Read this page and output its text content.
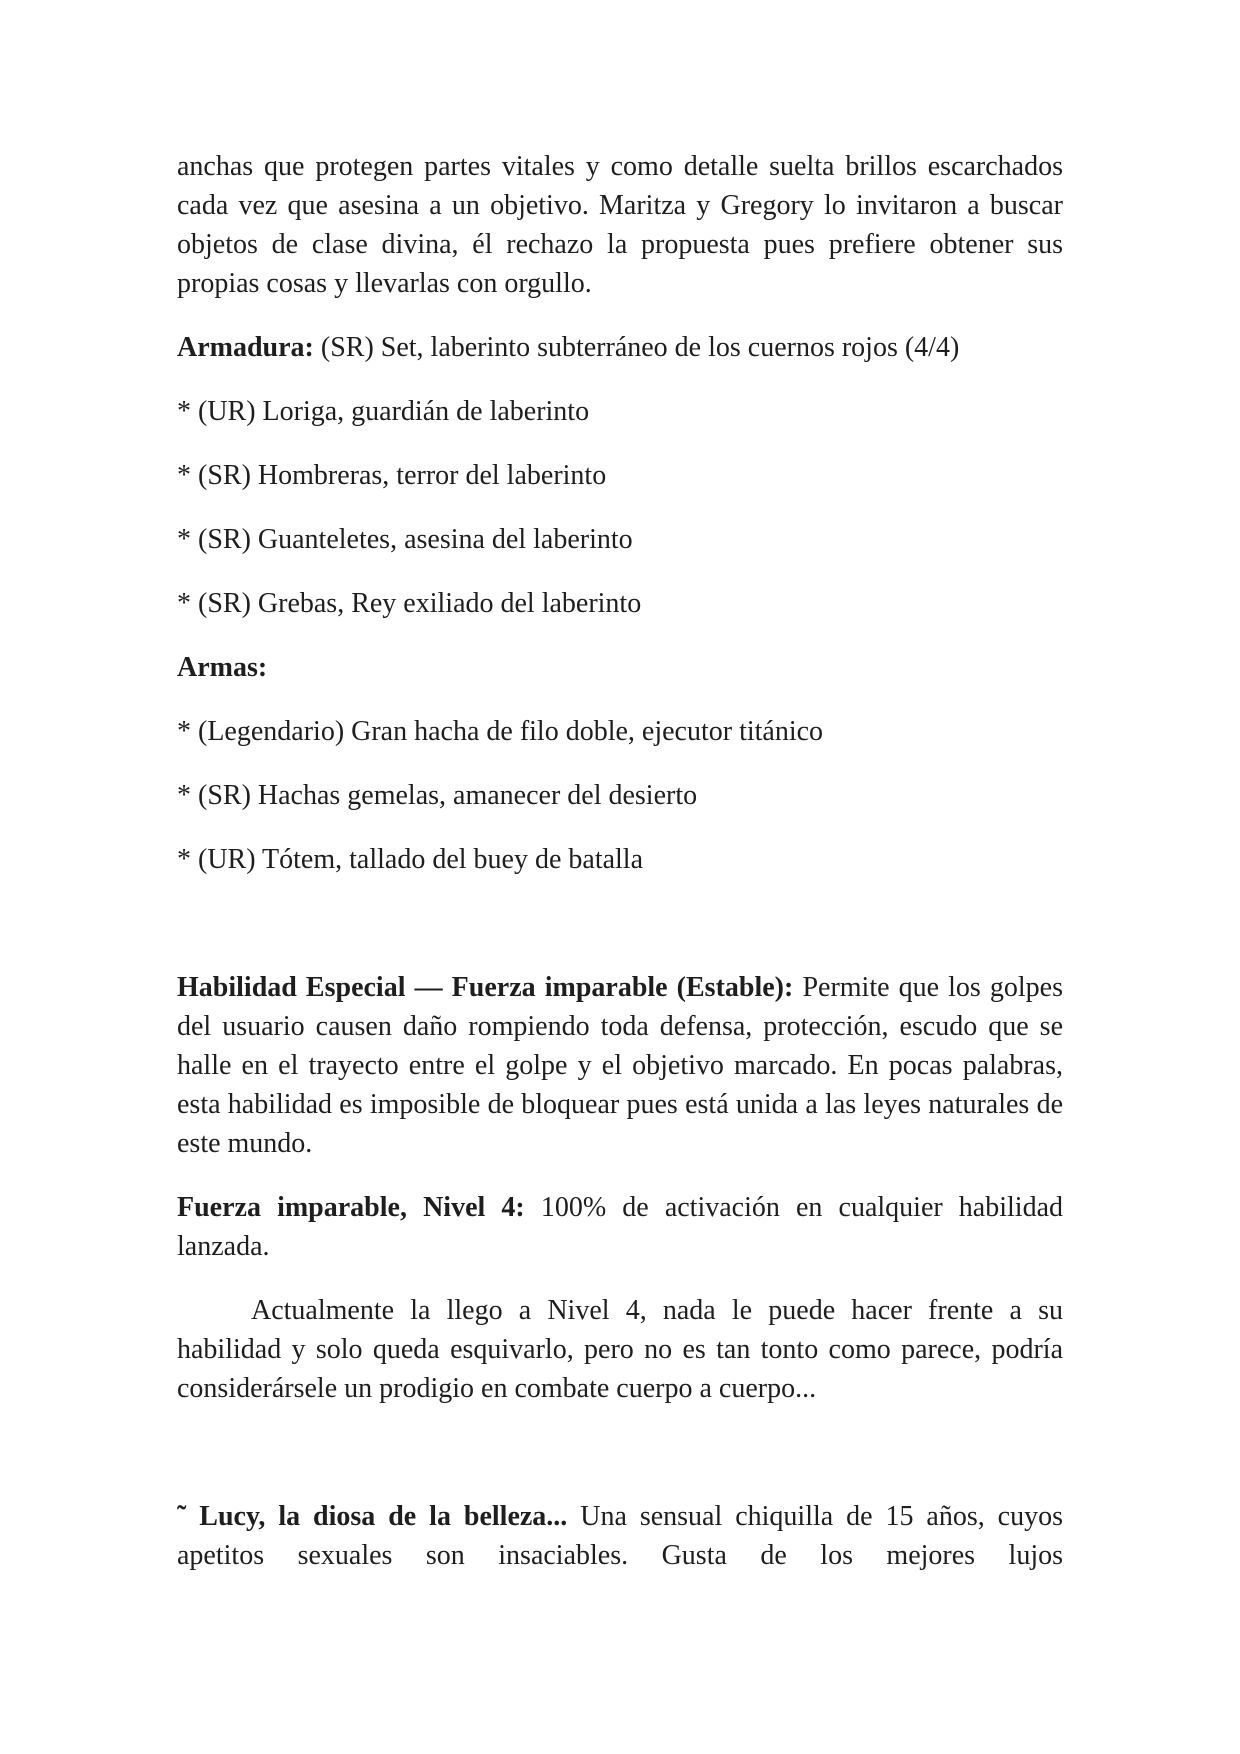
anchas que protegen partes vitales y como detalle suelta brillos escarchados cada vez que asesina a un objetivo. Maritza y Gregory lo invitaron a buscar objetos de clase divina, él rechazo la propuesta pues prefiere obtener sus propias cosas y llevarlas con orgullo.

Armadura: (SR) Set, laberinto subterráneo de los cuernos rojos (4/4)

* (UR) Loriga, guardián de laberinto

* (SR) Hombreras, terror del laberinto

* (SR) Guanteletes, asesina del laberinto

* (SR) Grebas, Rey exiliado del laberinto

Armas:

* (Legendario) Gran hacha de filo doble, ejecutor titánico

* (SR) Hachas gemelas, amanecer del desierto

* (UR) Tótem, tallado del buey de batalla

Habilidad Especial — Fuerza imparable (Estable): Permite que los golpes del usuario causen daño rompiendo toda defensa, protección, escudo que se halle en el trayecto entre el golpe y el objetivo marcado. En pocas palabras, esta habilidad es imposible de bloquear pues está unida a las leyes naturales de este mundo.

Fuerza imparable, Nivel 4: 100% de activación en cualquier habilidad lanzada.

Actualmente la llego a Nivel 4, nada le puede hacer frente a su habilidad y solo queda esquivarlo, pero no es tan tonto como parece, podría considerársele un prodigio en combate cuerpo a cuerpo...

˜ Lucy, la diosa de la belleza... Una sensual chiquilla de 15 años, cuyos apetitos sexuales son insaciables. Gusta de los mejores lujos
